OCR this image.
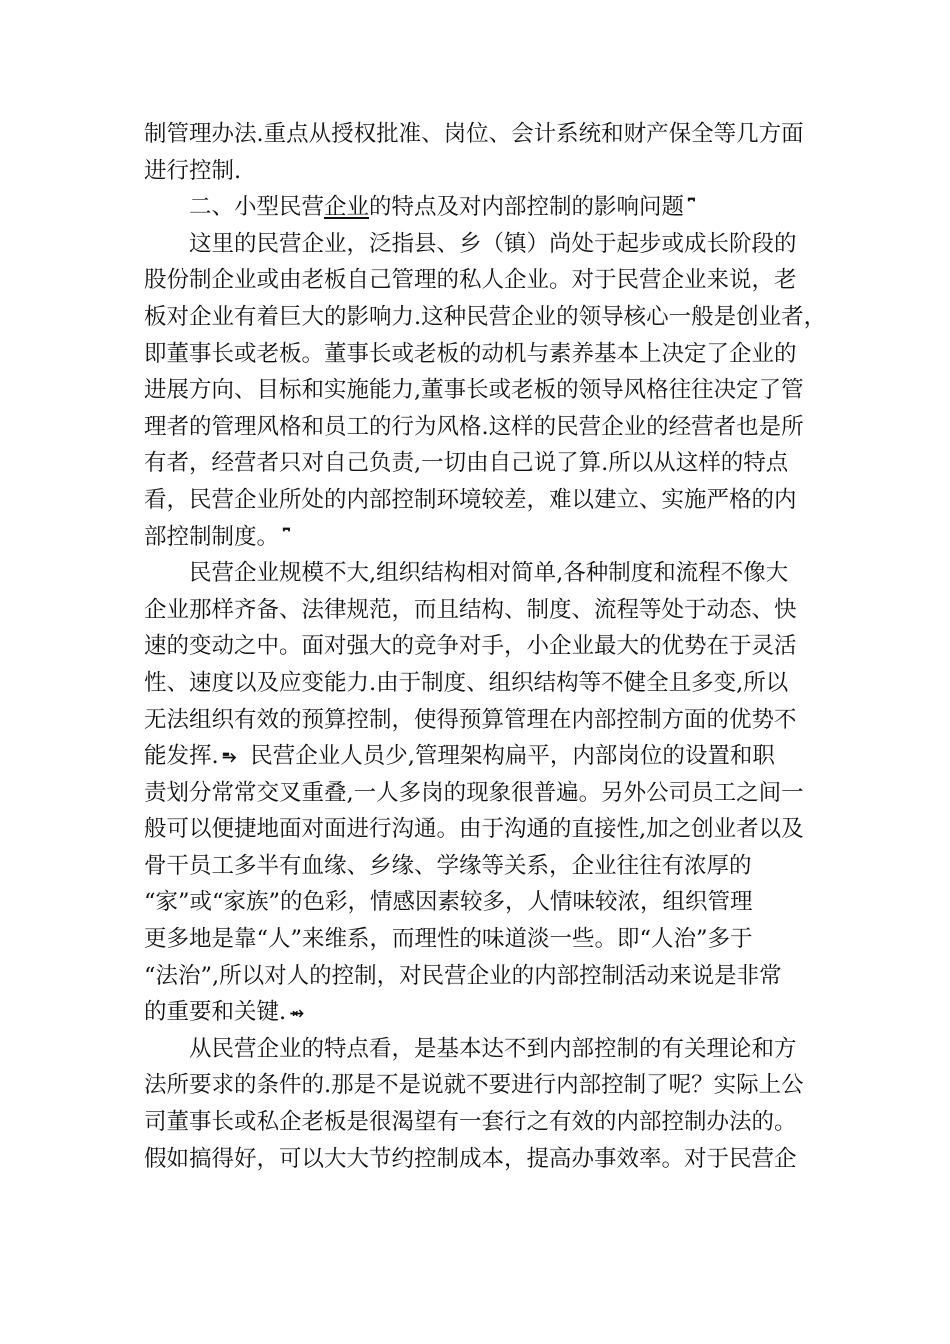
制管理办法.重点从授权批准、岗位、会计系统和财产保全等几方面
进行控制.
二、小型民营企业的特点及对内部控制的影响问题 ⎴
这里的民营企业，泛指县、乡（镇）尚处于起步或成长阶段的
股份制企业或由老板自己管理的私人企业。对于民营企业来说，老
板对企业有着巨大的影响力.这种民营企业的领导核心一般是创业者，
即董事长或老板。董事长或老板的动机与素养基本上决定了企业的
进展方向、目标和实施能力,董事长或老板的领导风格往往决定了管
理者的管理风格和员工的行为风格.这样的民营企业的经营者也是所
有者，经营者只对自己负责,一切由自己说了算.所以从这样的特点
看，民营企业所处的内部控制环境较差，难以建立、实施严格的内
部控制制度。 ⎴
民营企业规模不大,组织结构相对简单,各种制度和流程不像大
企业那样齐备、法律规范，而且结构、制度、流程等处于动态、快
速的变动之中。面对强大的竞争对手，小企业最大的优势在于灵活
性、速度以及应变能力.由于制度、组织结构等不健全且多变,所以
无法组织有效的预算控制，使得预算管理在内部控制方面的优势不
能发挥. ⥱ 民营企业人员少,管理架构扁平，内部岗位的设置和职
责划分常常交叉重叠,一人多岗的现象很普遍。另外公司员工之间一
般可以便捷地面对面进行沟通。由于沟通的直接性,加之创业者以及
骨干员工多半有血缘、乡缘、学缘等关系，企业往往有浓厚的
“家”或“家族”的色彩，情感因素较多，人情味较浓，组织管理
更多地是靠“人”来维系，而理性的味道淡一些。即“人治”多于
“法治”,所以对人的控制，对民营企业的内部控制活动来说是非常
的重要和关键. ⥇
从民营企业的特点看，是基本达不到内部控制的有关理论和方
法所要求的条件的.那是不是说就不要进行内部控制了呢？实际上公
司董事长或私企老板是很渴望有一套行之有效的内部控制办法的。
假如搞得好，可以大大节约控制成本，提高办事效率。对于民营企
